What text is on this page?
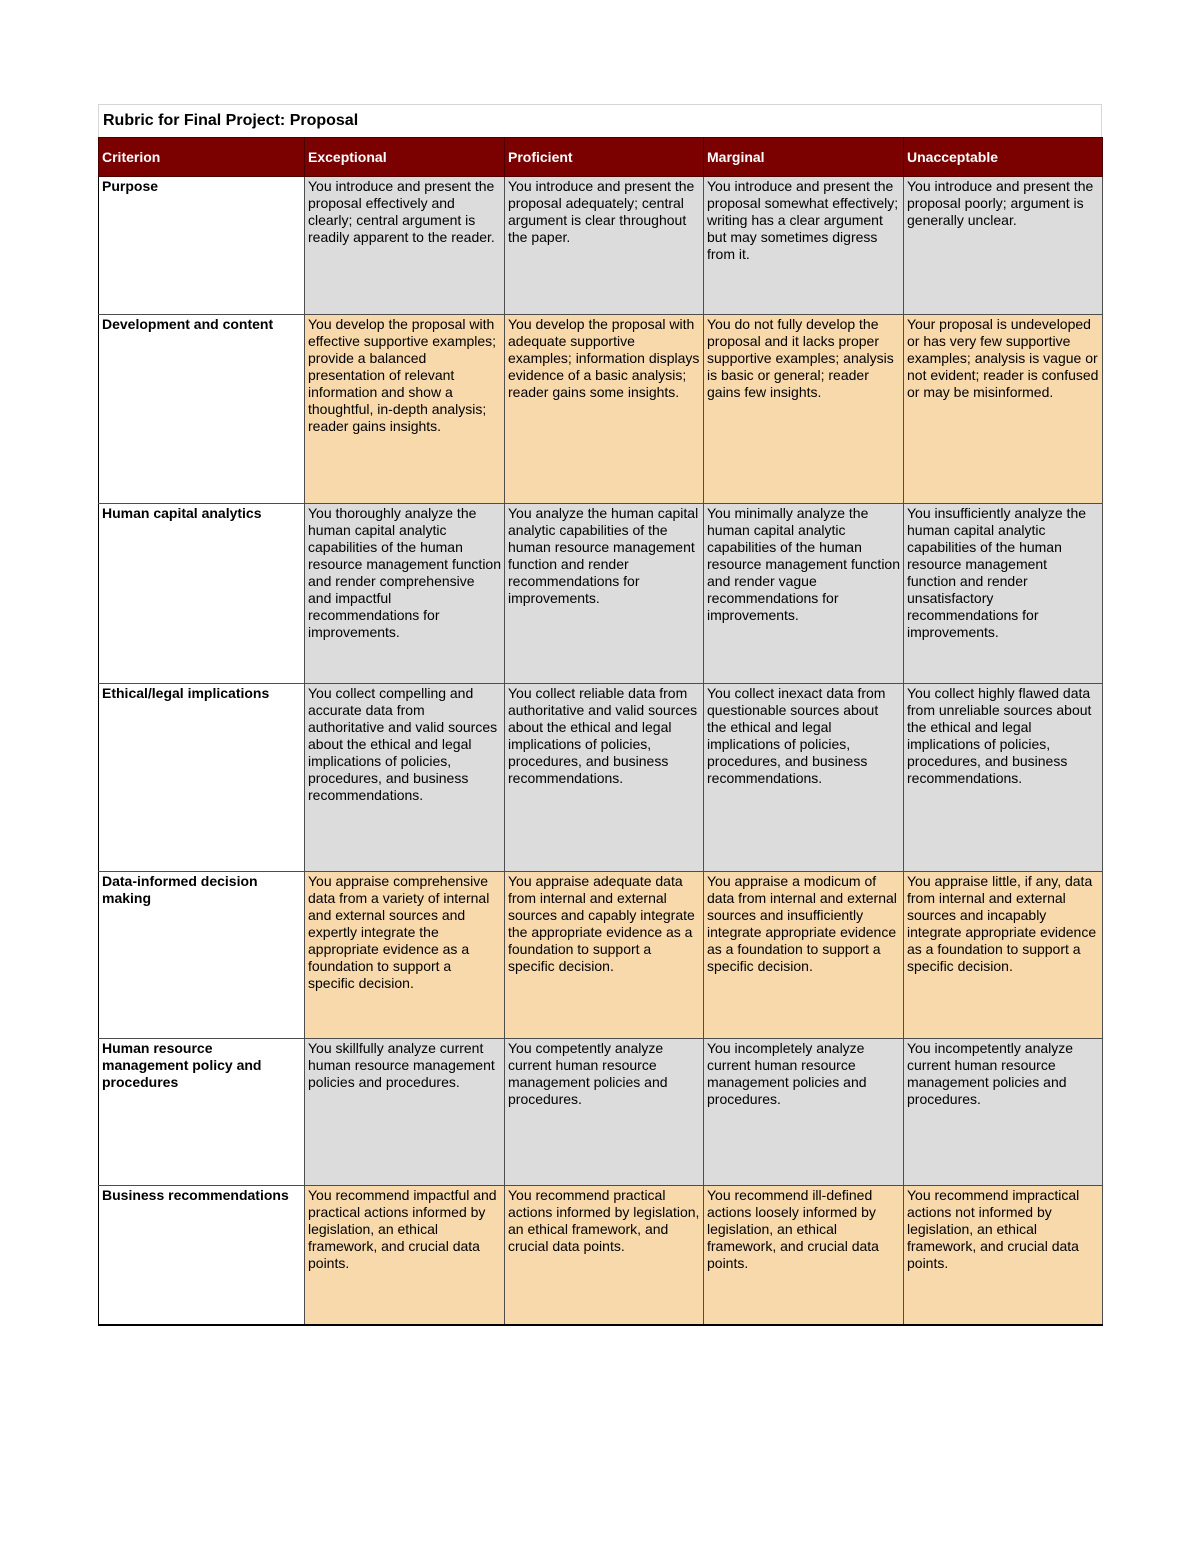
Rubric for Final Project: Proposal
Criterion	Exceptional	Proficient	Marginal	Unacceptable
Purpose	You introduce and present the proposal effectively and clearly; central argument is readily apparent to the reader.	You introduce and present the proposal adequately; central argument is clear throughout the paper.	You introduce and present the proposal somewhat effectively; writing has a clear argument but may sometimes digress from it.	You introduce and present the proposal poorly; argument is generally unclear.
Development and content	You develop the proposal with effective supportive examples; provide a balanced presentation of relevant information and show a thoughtful, in-depth analysis; reader gains insights.	You develop the proposal with adequate supportive examples; information displays evidence of a basic analysis; reader gains some insights.	You do not fully develop the proposal and it lacks proper supportive examples; analysis is basic or general; reader gains few insights.	Your proposal is undeveloped or has very few supportive examples; analysis is vague or not evident; reader is confused or may be misinformed.
Human capital analytics	You thoroughly analyze the human capital analytic capabilities of the human resource management function and render comprehensive and impactful recommendations for improvements.	You analyze the human capital analytic capabilities of the human resource management function and render recommendations for improvements.	You minimally analyze the human capital analytic capabilities of the human resource management function and render vague recommendations for improvements.	You insufficiently analyze the human capital analytic capabilities of the human resource management function and render unsatisfactory recommendations for improvements.
Ethical/legal implications	You collect compelling and accurate data from authoritative and valid sources about the ethical and legal implications of policies, procedures, and business recommendations.	You collect reliable data from authoritative and valid sources about the ethical and legal implications of policies, procedures, and business recommendations.	You collect inexact data from questionable sources about the ethical and legal implications of policies, procedures, and business recommendations.	You collect highly flawed data from unreliable sources about the ethical and legal implications of policies, procedures, and business recommendations.
Data-informed decision making	You appraise comprehensive data from a variety of internal and external sources and expertly integrate the appropriate evidence as a foundation to support a specific decision.	You appraise adequate data from internal and external sources and capably integrate the appropriate evidence as a foundation to support a specific decision.	You appraise a modicum of data from internal and external sources and insufficiently integrate appropriate evidence as a foundation to support a specific decision.	You appraise little, if any, data from internal and external sources and incapably integrate appropriate evidence as a foundation to support a specific decision.
Human resource management policy and procedures	You skillfully analyze current human resource management policies and procedures.	You competently analyze current human resource management policies and procedures.	You incompletely analyze current human resource management policies and procedures.	You incompetently analyze current human resource management policies and procedures.
Business recommendations	You recommend impactful and practical actions informed by legislation, an ethical framework, and crucial data points.	You recommend practical actions informed by legislation, an ethical framework, and crucial data points.	You recommend ill-defined actions loosely informed by legislation, an ethical framework, and crucial data points.	You recommend impractical actions not informed by legislation, an ethical framework, and crucial data points.
